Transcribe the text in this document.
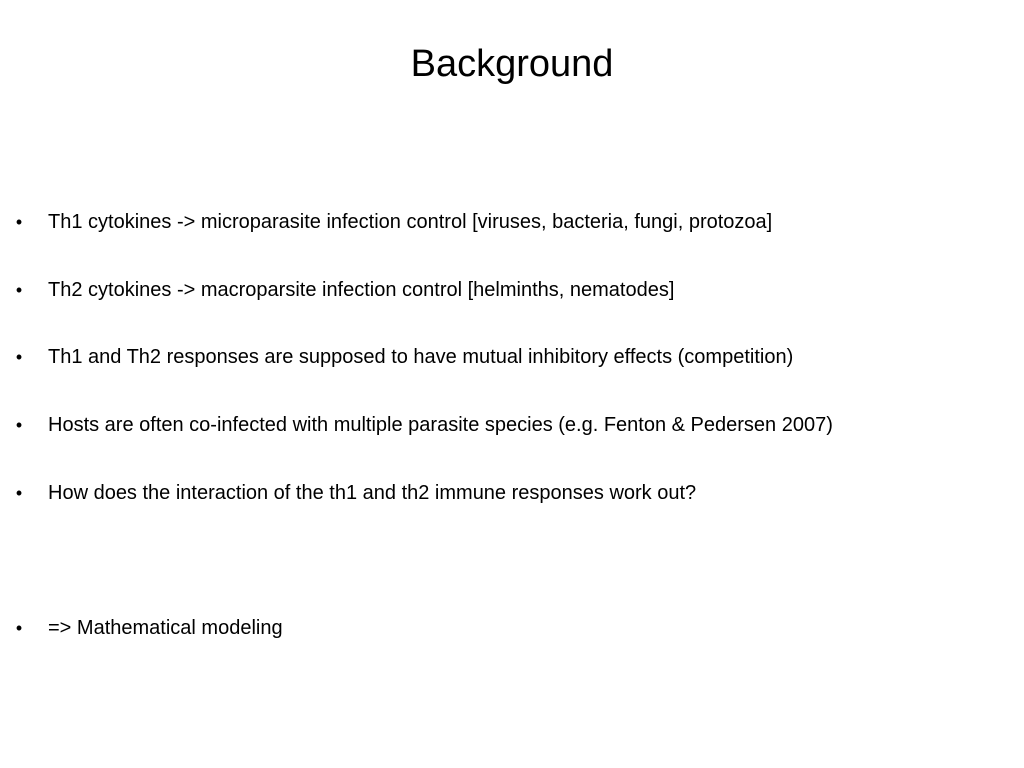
Background
• Th1 cytokines -> microparasite infection control [viruses, bacteria, fungi, protozoa]
• Th2 cytokines -> macroparsite infection control [helminths, nematodes]
• Th1 and Th2 responses are supposed to have mutual inhibitory effects (competition)
• Hosts are often co-infected with multiple parasite species (e.g. Fenton & Pedersen 2007)
• How does the interaction of the th1 and th2 immune responses work out?
• => Mathematical modeling
